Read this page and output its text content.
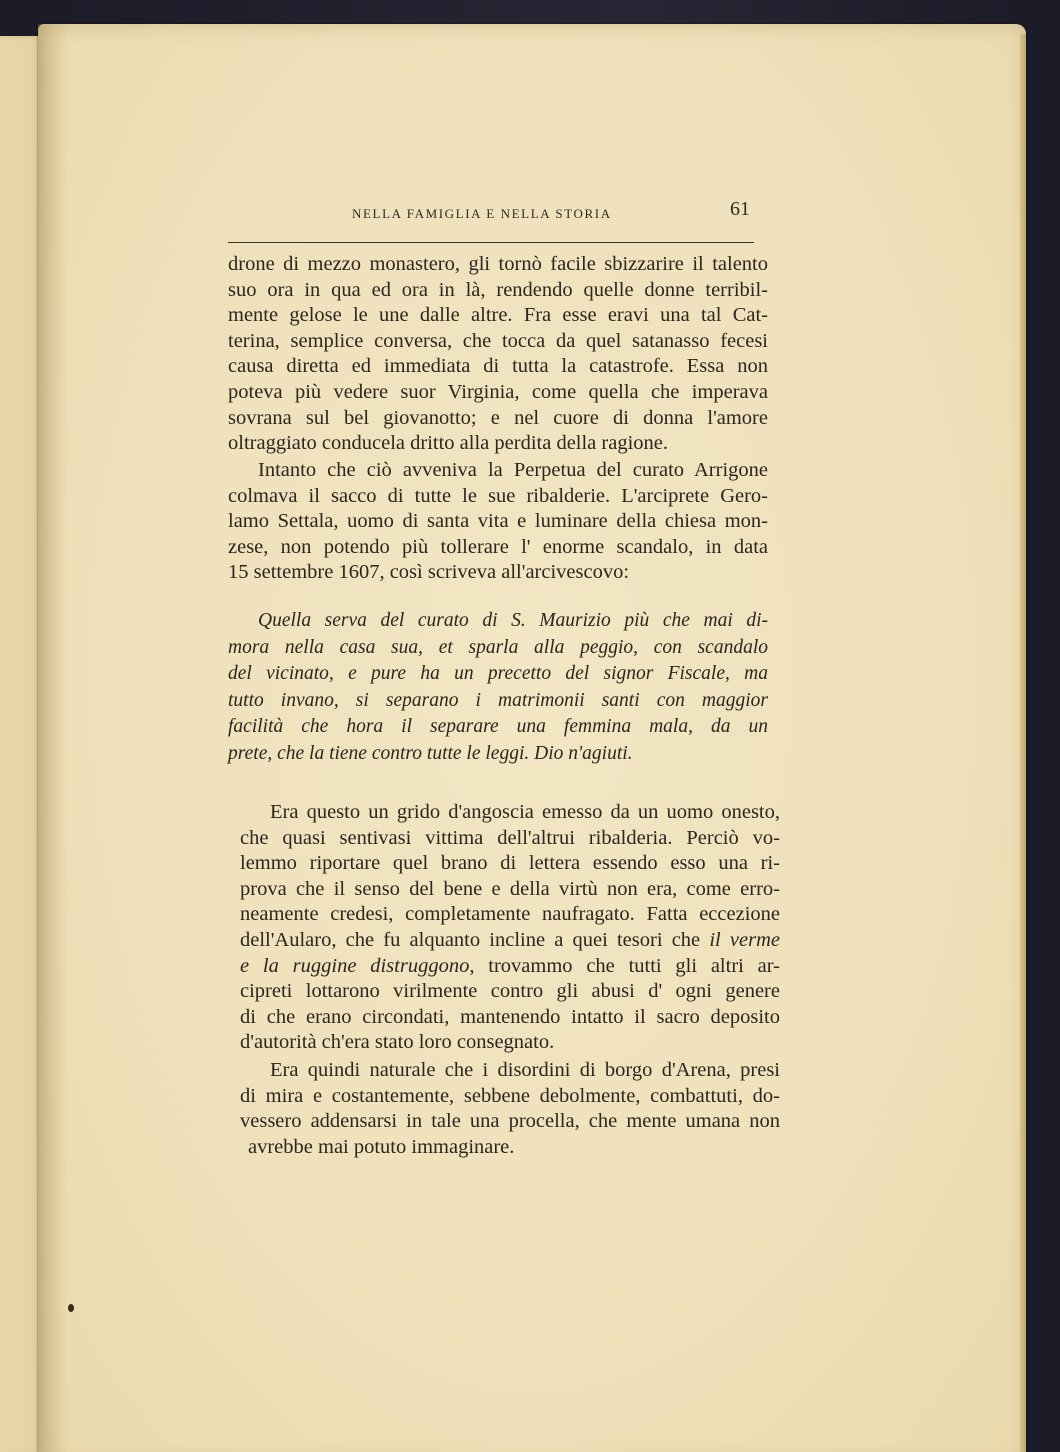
NELLA FAMIGLIA E NELLA STORIA	61

drone di mezzo monastero, gli tornò facile sbizzarire il talento
suo ora in qua ed ora in là, rendendo quelle donne terribil-
mente gelose le une dalle altre. Fra esse eravi una tal Cat-
terina, semplice conversa, che tocca da quel satanasso fecesi
causa diretta ed immediata di tutta la catastrofe. Essa non
poteva più vedere suor Virginia, come quella che imperava
sovrana sul bel giovanotto; e nel cuore di donna l'amore
oltraggiato conducela dritto alla perdita della ragione.

Intanto che ciò avveniva la Perpetua del curato Arrigone
colmava il sacco di tutte le sue ribalderie. L'arciprete Gero-
lamo Settala, uomo di santa vita e luminare della chiesa mon-
zese, non potendo più tollerare l' enorme scandalo, in data
15 settembre 1607, così scriveva all'arcivescovo:

Quella serva del curato di S. Maurizio più che mai di-
mora nella casa sua, et sparla alla peggio, con scandalo
del vicinato, e pure ha un precetto del signor Fiscale, ma
tutto invano, si separano i matrimonii santi con maggior
facilità che hora il separare una femmina mala, da un
prete, che la tiene contro tutte le leggi. Dio n'agiuti.

Era questo un grido d'angoscia emesso da un uomo onesto,
che quasi sentivasi vittima dell'altrui ribalderia. Perciò vo-
lemmo riportare quel brano di lettera essendo esso una ri-
prova che il senso del bene e della virtù non era, come erro-
neamente credesi, completamente naufragato. Fatta eccezione
dell'Aularo, che fu alquanto incline a quei tesori che il verme
e la ruggine distruggono, trovammo che tutti gli altri ar-
cipreti lottarono virilmente contro gli abusi d' ogni genere
di che erano circondati, mantenendo intatto il sacro deposito
d'autorità ch'era stato loro consegnato.

Era quindi naturale che i disordini di borgo d'Arena, presi
di mira e costantemente, sebbene debolmente, combattuti, do-
vessero addensarsi in tale una procella, che mente umana non
avrebbe mai potuto immaginare.
